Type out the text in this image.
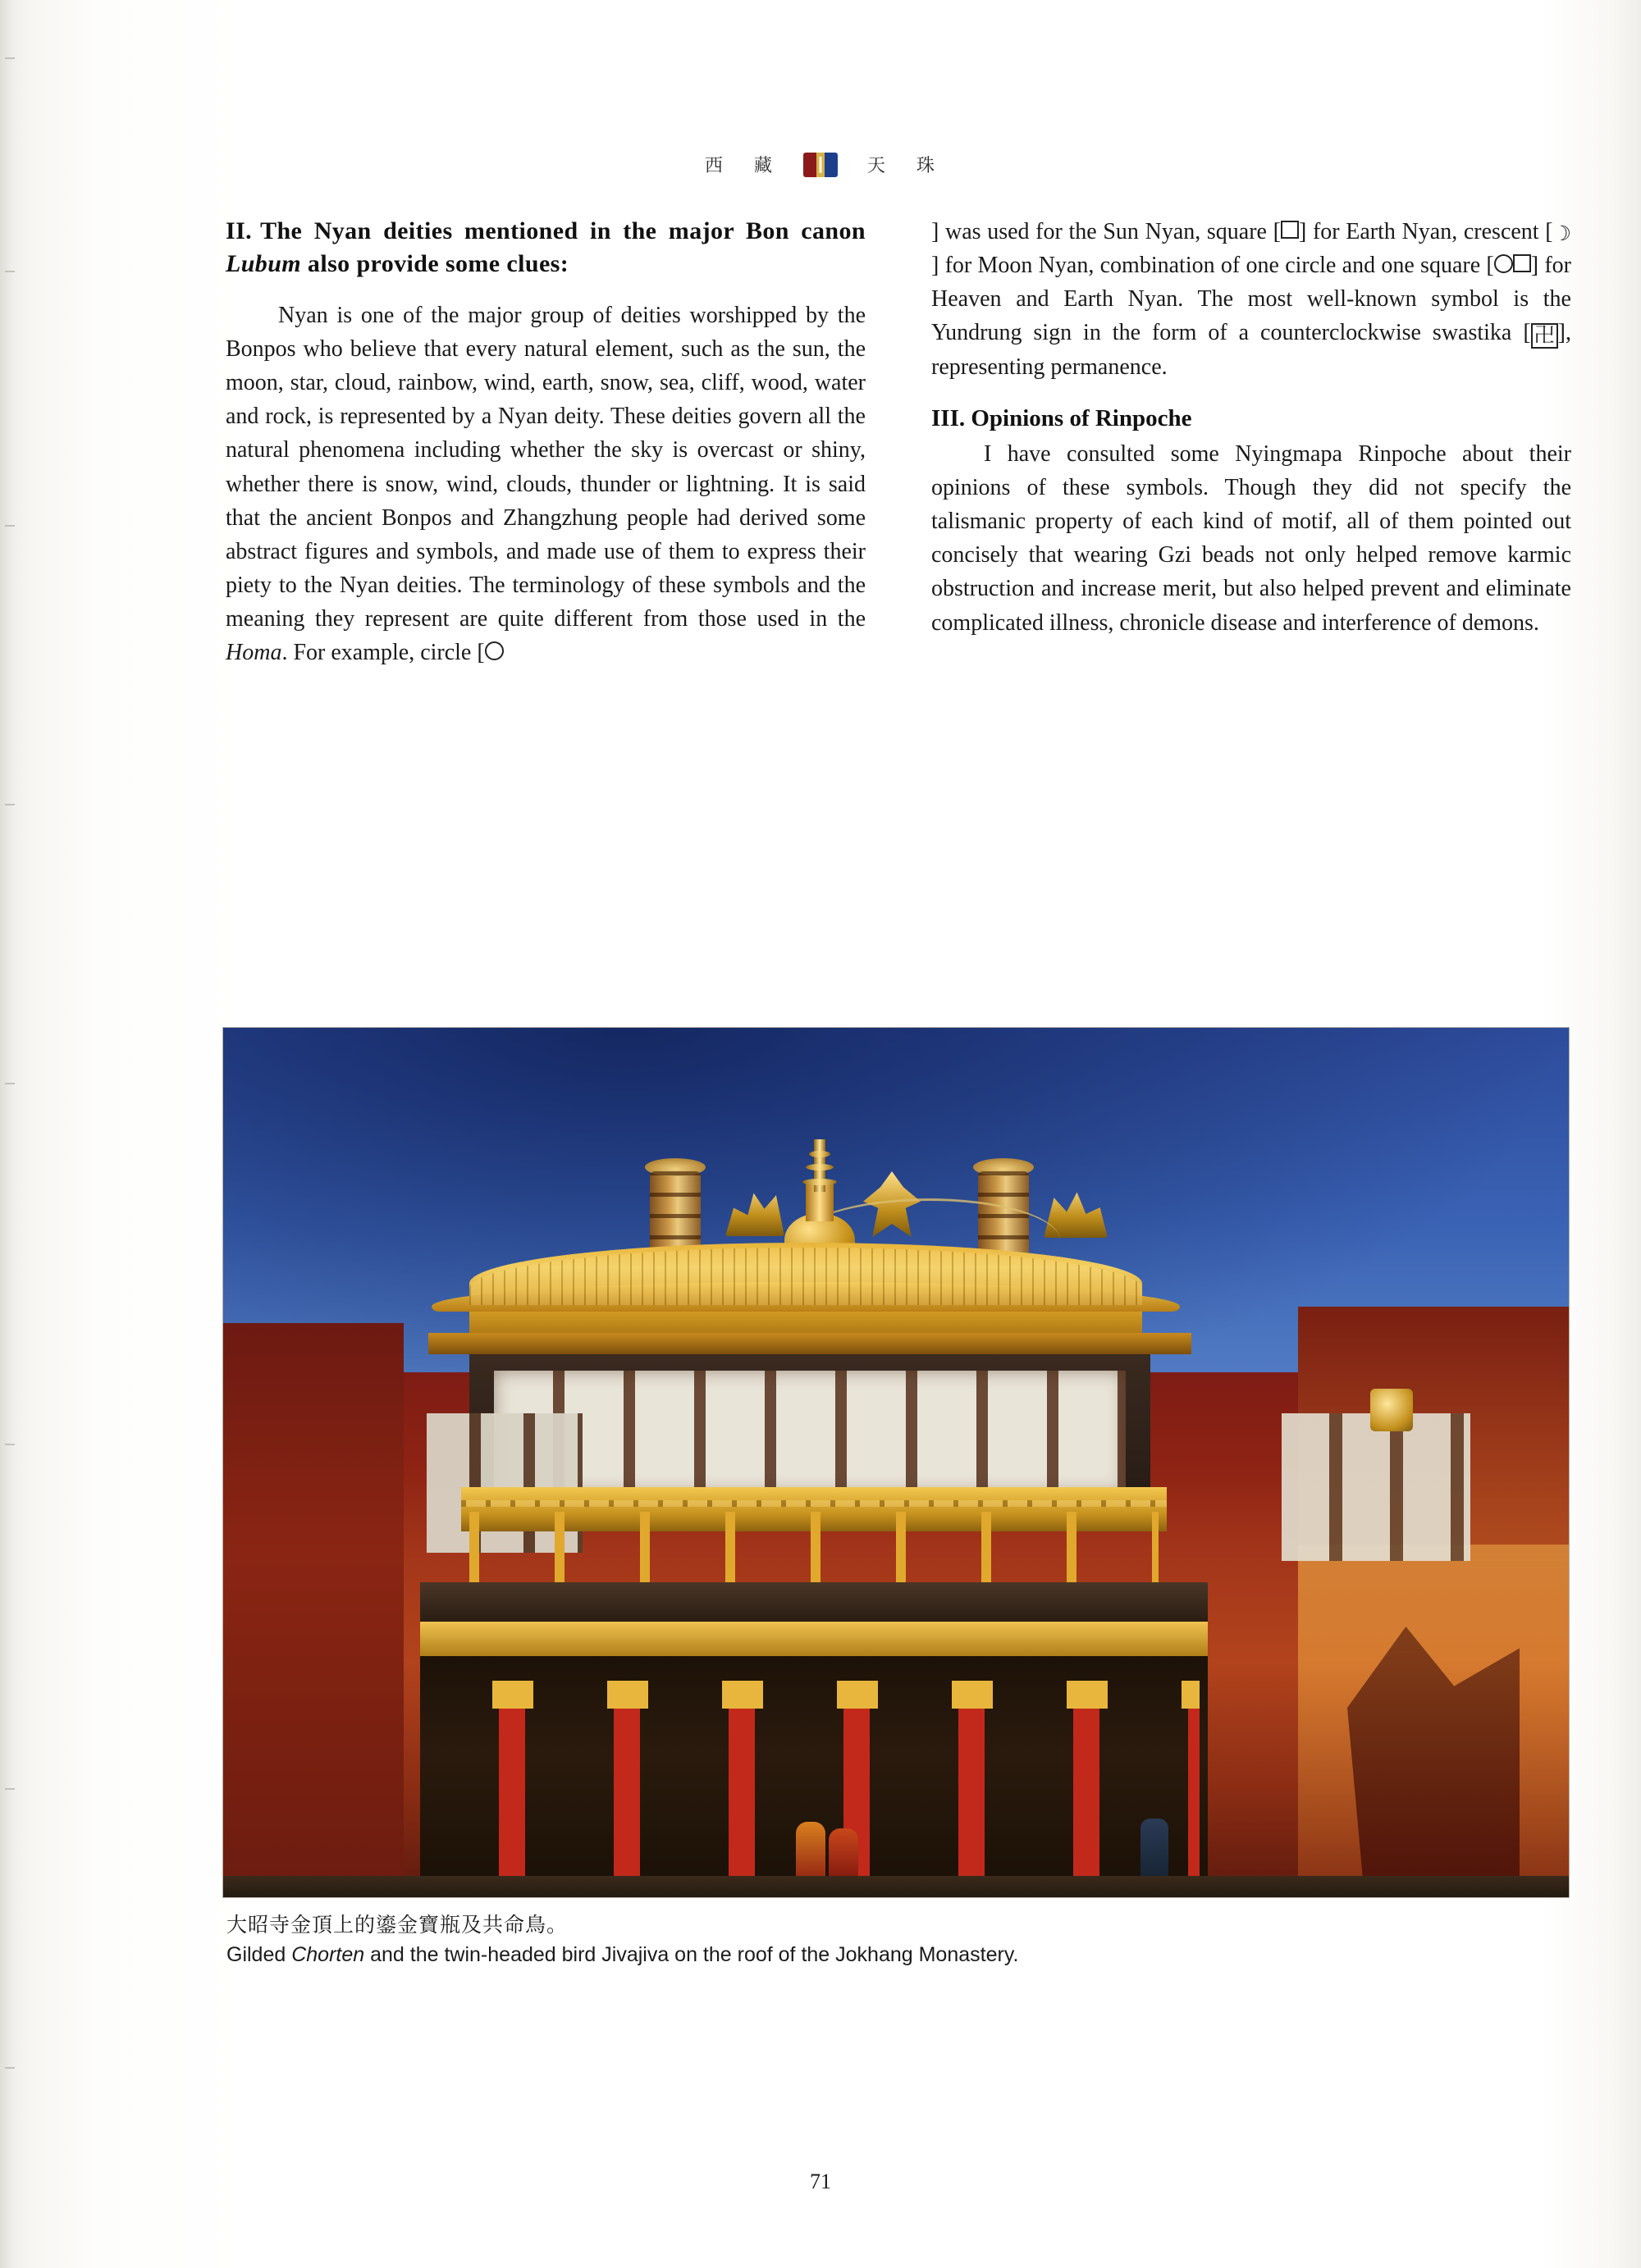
西 藏	天 珠
II. The Nyan deities mentioned in the major Bon canon Lubum also provide some clues:

Nyan is one of the major group of deities worshipped by the Bonpos who believe that every natural element, such as the sun, the moon, star, cloud, rainbow, wind, earth, snow, sea, cliff, wood, water and rock, is represented by a Nyan deity. These deities govern all the natural phenomena including whether the sky is overcast or shiny, whether there is snow, wind, clouds, thunder or lightning. It is said that the ancient Bonpos and Zhangzhung people had derived some abstract figures and symbols, and made use of them to express their piety to the Nyan deities. The terminology of these symbols and the meaning they represent are quite different from those used in the Homa. For example, circle [

] was used for the Sun Nyan, square [ ] for Earth Nyan, crescent [☽] for Moon Nyan, combination of one circle and one square [ ] for Heaven and Earth Nyan. The most well-known symbol is the Yundrung sign in the form of a counterclockwise swastika [ 卍 ], representing permanence.

III. Opinions of Rinpoche

I have consulted some Nyingmapa Rinpoche about their opinions of these symbols. Though they did not specify the talismanic property of each kind of motif, all of them pointed out concisely that wearing Gzi beads not only helped remove karmic obstruction and increase merit, but also helped prevent and eliminate complicated illness, chronicle disease and interference of demons.

大昭寺金頂上的鎏金寶瓶及共命鳥。
Gilded Chorten and the twin-headed bird Jivajiva on the roof of the Jokhang Monastery.
71
